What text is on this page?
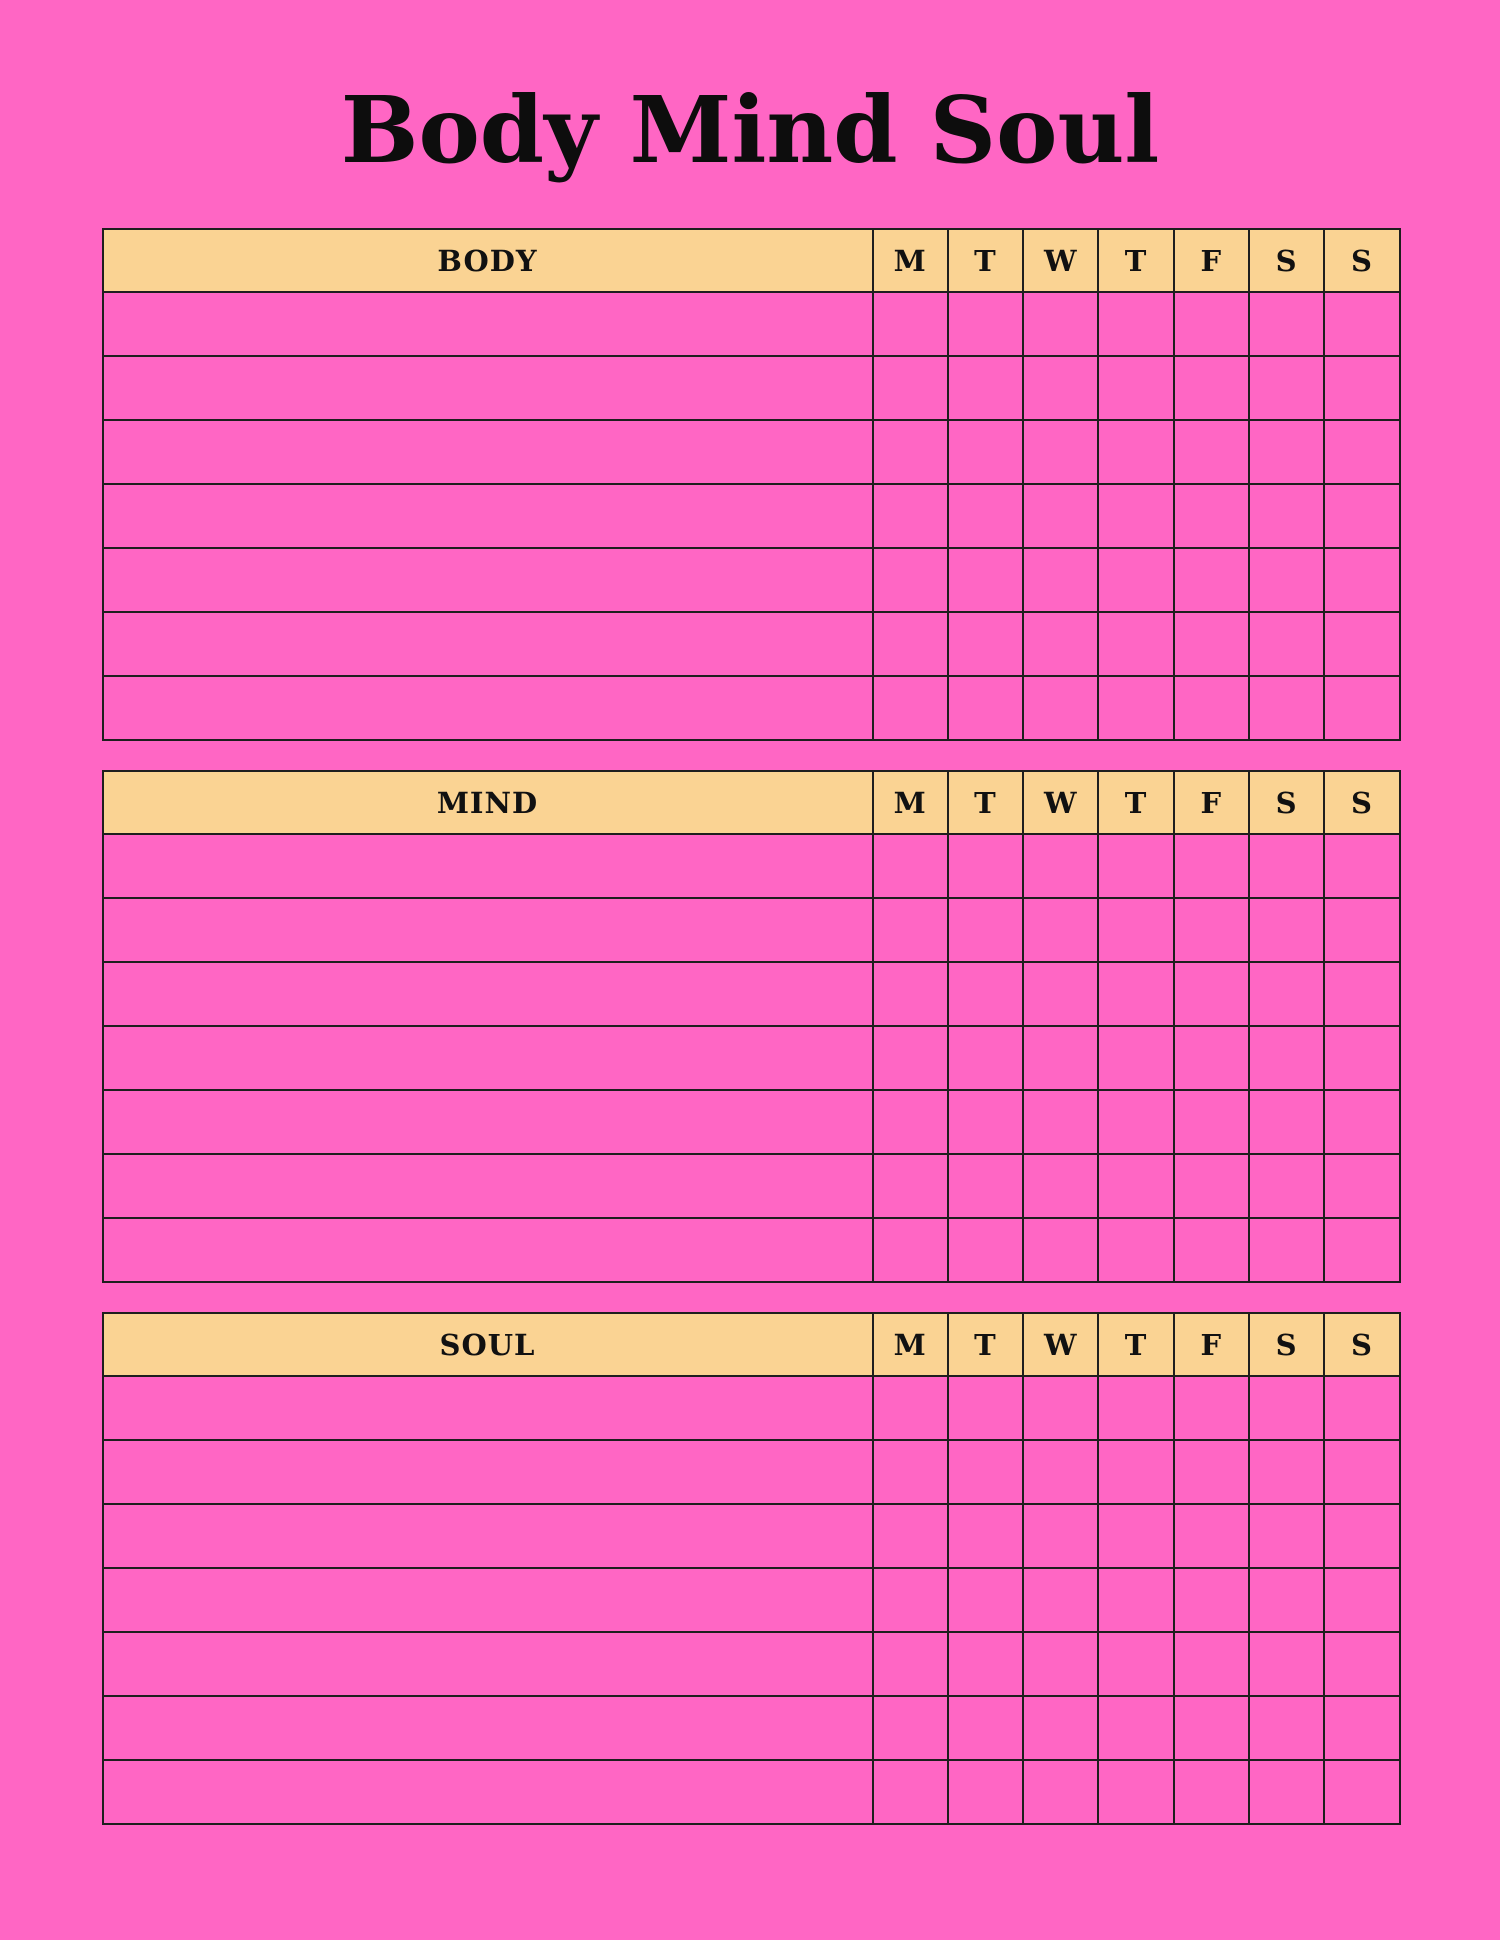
Body Mind Soul
BODY	M	T	W	T	F	S	S

MIND	M	T	W	T	F	S	S

SOUL	M	T	W	T	F	S	S
